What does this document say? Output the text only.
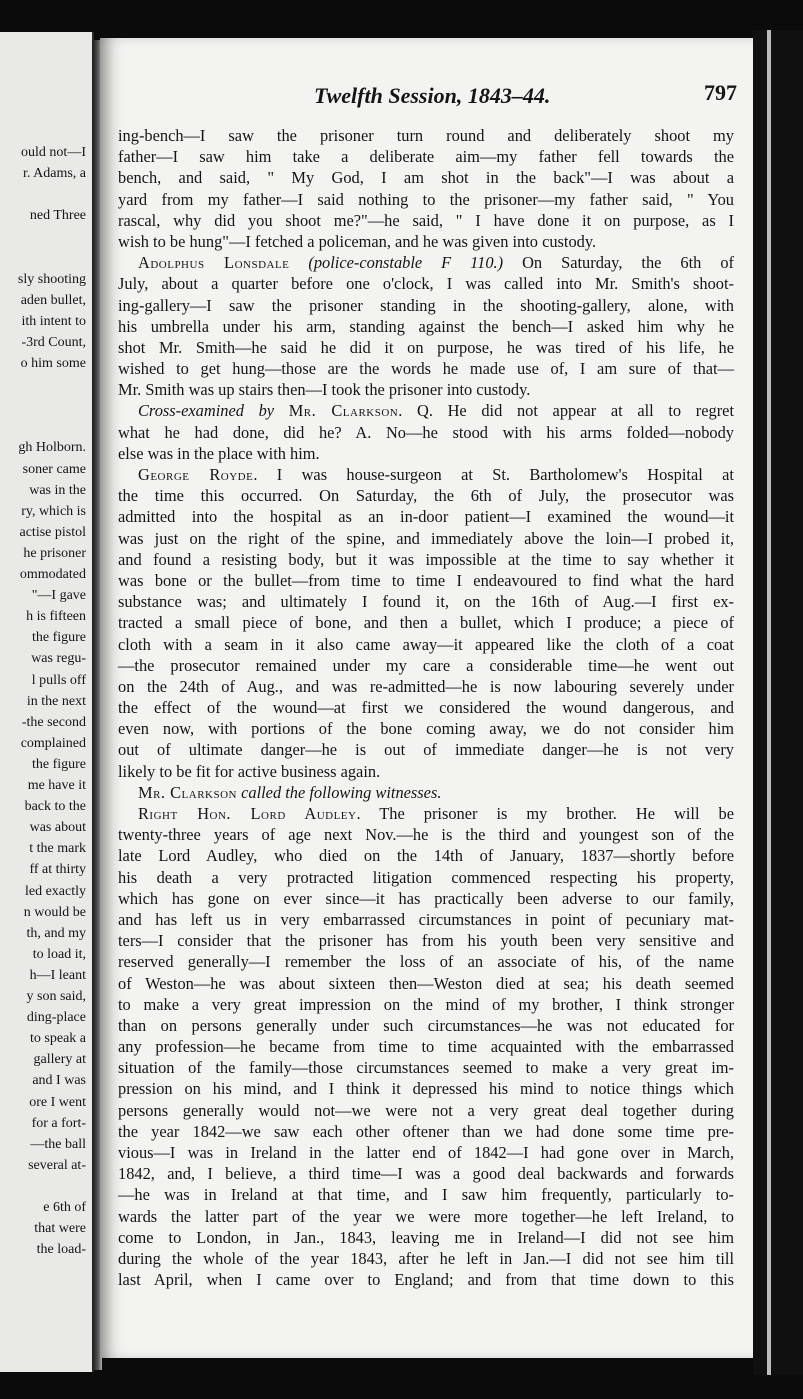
ould not—I
r. Adams, a
ned Three
sly shooting
aden bullet,
ith intent to
-3rd Count,
o him some
gh Holborn.
soner came
was in the
ry, which is
actise pistol
he prisoner
ommodated
"—I gave
h is fifteen
the figure
was regu-
l pulls off
in the next
-the second
complained
the figure
me have it
back to the
was about
t the mark
ff at thirty
led exactly
n would be
th, and my
to load it,
h—I leant
y son said,
ding-place
to speak a
gallery at
and I was
ore I went
for a fort-
—the ball
several at-
e 6th of
that were
the load-
Twelfth Session, 1843–44.	797
ing-bench—I saw the prisoner turn round and deliberately shoot my
father—I saw him take a deliberate aim—my father fell towards the
bench, and said, " My God, I am shot in the back"—I was about a
yard from my father—I said nothing to the prisoner—my father said, " You
rascal, why did you shoot me?"—he said, " I have done it on purpose, as I
wish to be hung"—I fetched a policeman, and he was given into custody.
Adolphus Lonsdale (police-constable F 110.) On Saturday, the 6th of
July, about a quarter before one o'clock, I was called into Mr. Smith's shoot-
ing-gallery—I saw the prisoner standing in the shooting-gallery, alone, with
his umbrella under his arm, standing against the bench—I asked him why he
shot Mr. Smith—he said he did it on purpose, he was tired of his life, he
wished to get hung—those are the words he made use of, I am sure of that—
Mr. Smith was up stairs then—I took the prisoner into custody.
Cross-examined by Mr. Clarkson. Q. He did not appear at all to regret
what he had done, did he? A. No—he stood with his arms folded—nobody
else was in the place with him.
George Royde. I was house-surgeon at St. Bartholomew's Hospital at
the time this occurred. On Saturday, the 6th of July, the prosecutor was
admitted into the hospital as an in-door patient—I examined the wound—it
was just on the right of the spine, and immediately above the loin—I probed it,
and found a resisting body, but it was impossible at the time to say whether it
was bone or the bullet—from time to time I endeavoured to find what the hard
substance was; and ultimately I found it, on the 16th of Aug.—I first ex-
tracted a small piece of bone, and then a bullet, which I produce; a piece of
cloth with a seam in it also came away—it appeared like the cloth of a coat
—the prosecutor remained under my care a considerable time—he went out
on the 24th of Aug., and was re-admitted—he is now labouring severely under
the effect of the wound—at first we considered the wound dangerous, and
even now, with portions of the bone coming away, we do not consider him
out of ultimate danger—he is out of immediate danger—he is not very
likely to be fit for active business again.
Mr. Clarkson called the following witnesses.
Right Hon. Lord Audley. The prisoner is my brother. He will be
twenty-three years of age next Nov.—he is the third and youngest son of the
late Lord Audley, who died on the 14th of January, 1837—shortly before
his death a very protracted litigation commenced respecting his property,
which has gone on ever since—it has practically been adverse to our family,
and has left us in very embarrassed circumstances in point of pecuniary mat-
ters—I consider that the prisoner has from his youth been very sensitive and
reserved generally—I remember the loss of an associate of his, of the name
of Weston—he was about sixteen then—Weston died at sea; his death seemed
to make a very great impression on the mind of my brother, I think stronger
than on persons generally under such circumstances—he was not educated for
any profession—he became from time to time acquainted with the embarrassed
situation of the family—those circumstances seemed to make a very great im-
pression on his mind, and I think it depressed his mind to notice things which
persons generally would not—we were not a very great deal together during
the year 1842—we saw each other oftener than we had done some time pre-
vious—I was in Ireland in the latter end of 1842—I had gone over in March,
1842, and, I believe, a third time—I was a good deal backwards and forwards
—he was in Ireland at that time, and I saw him frequently, particularly to-
wards the latter part of the year we were more together—he left Ireland, to
come to London, in Jan., 1843, leaving me in Ireland—I did not see him
during the whole of the year 1843, after he left in Jan.—I did not see him till
last April, when I came over to England; and from that time down to this
